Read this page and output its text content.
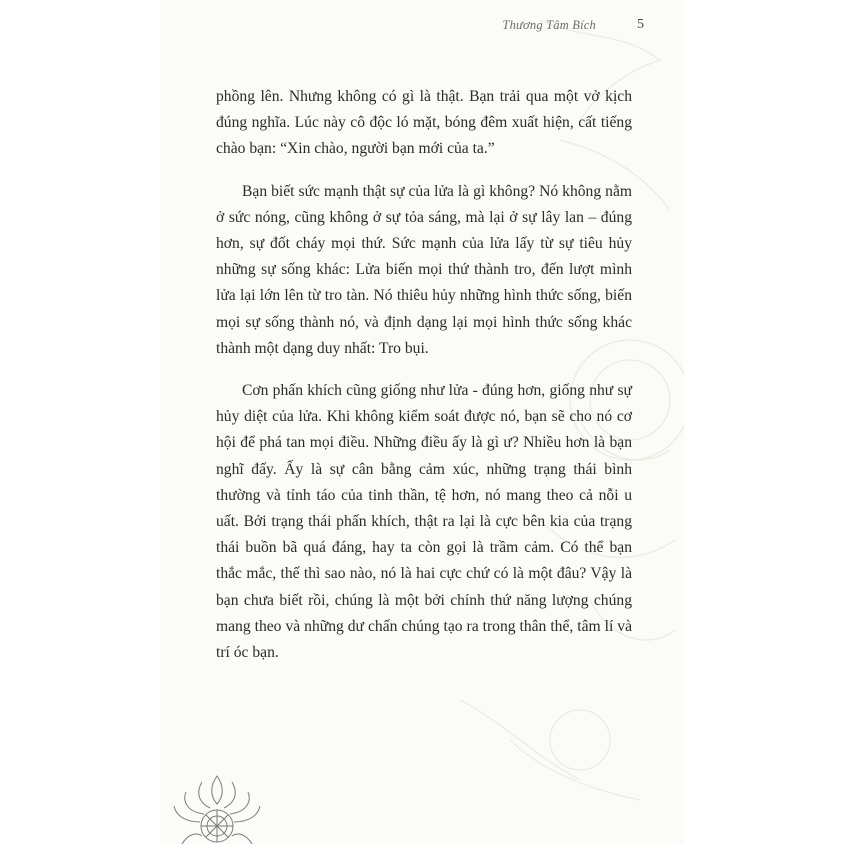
Thương Tâm Bích	5

phồng lên. Nhưng không có gì là thật. Bạn trải qua một vở kịch đúng nghĩa. Lúc này cô độc ló mặt, bóng đêm xuất hiện, cất tiếng chào bạn: “Xin chào, người bạn mới của ta.”

Bạn biết sức mạnh thật sự của lửa là gì không? Nó không nằm ở sức nóng, cũng không ở sự tỏa sáng, mà lại ở sự lây lan – đúng hơn, sự đốt cháy mọi thứ. Sức mạnh của lửa lấy từ sự tiêu hủy những sự sống khác: Lửa biến mọi thứ thành tro, đến lượt mình lửa lại lớn lên từ tro tàn. Nó thiêu hủy những hình thức sống, biến mọi sự sống thành nó, và định dạng lại mọi hình thức sống khác thành một dạng duy nhất: Tro bụi.

Cơn phấn khích cũng giống như lửa - đúng hơn, giống như sự hủy diệt của lửa. Khi không kiểm soát được nó, bạn sẽ cho nó cơ hội để phá tan mọi điều. Những điều ấy là gì ư? Nhiều hơn là bạn nghĩ đấy. Ấy là sự cân bằng cảm xúc, những trạng thái bình thường và tỉnh táo của tinh thần, tệ hơn, nó mang theo cả nỗi u uất. Bởi trạng thái phấn khích, thật ra lại là cực bên kia của trạng thái buồn bã quá đáng, hay ta còn gọi là trầm cảm. Có thể bạn thắc mắc, thế thì sao nào, nó là hai cực chứ có là một đâu? Vậy là bạn chưa biết rồi, chúng là một bởi chính thứ năng lượng chúng mang theo và những dư chấn chúng tạo ra trong thân thể, tâm lí và trí óc bạn.
